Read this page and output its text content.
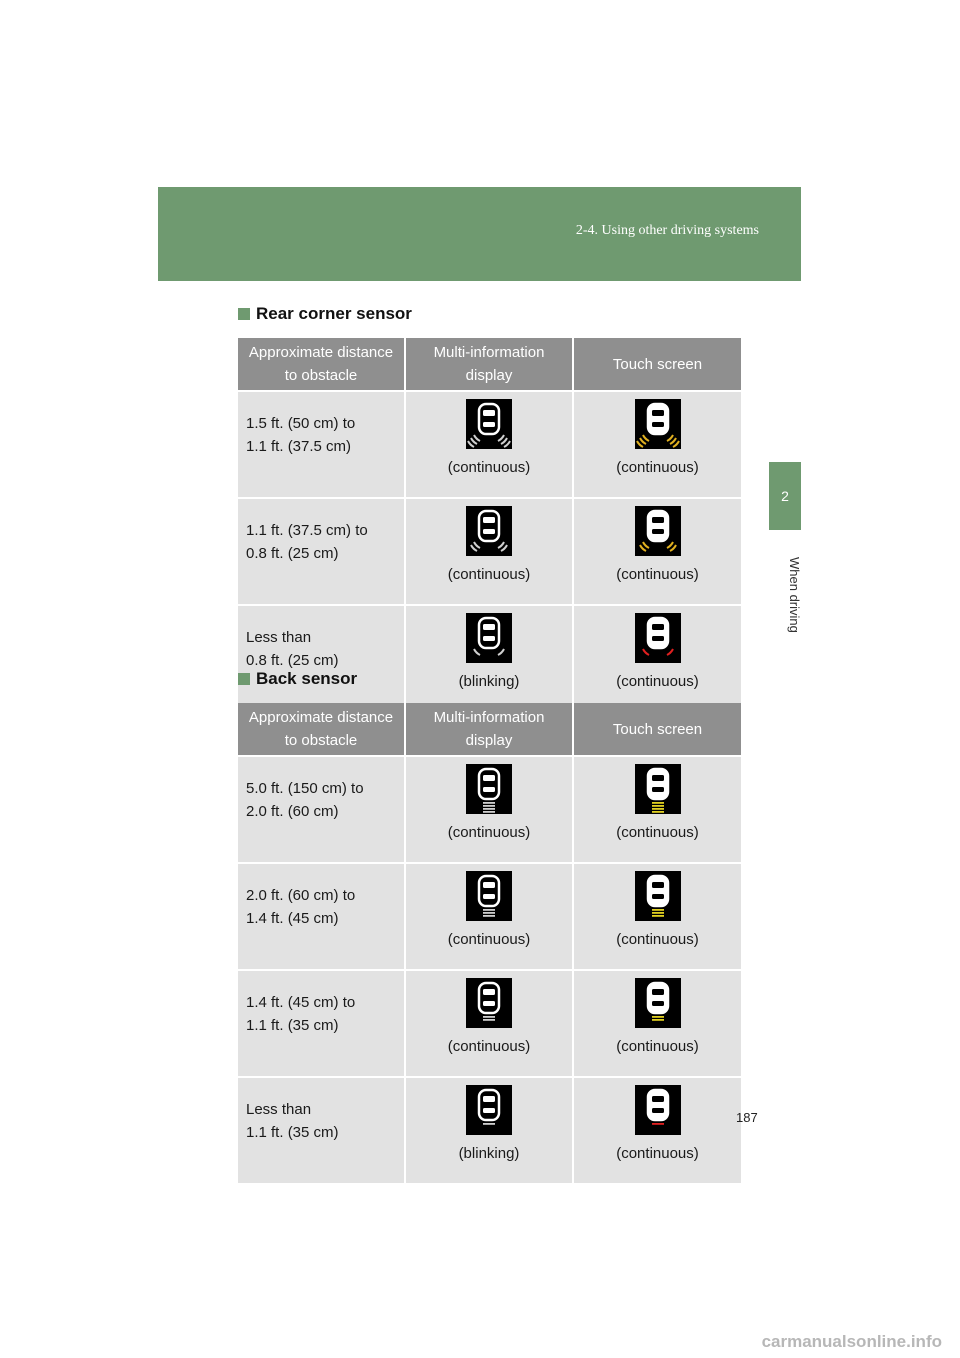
2-4. Using other driving systems
2
When driving
Rear corner sensor
Approximate distance to obstacle	Multi-information display	Touch screen

1.5 ft. (50 cm) to
1.1 ft. (37.5 cm)	(continuous)	(continuous)

1.1 ft. (37.5 cm) to
0.8 ft. (25 cm)	(continuous)	(continuous)

Less than
0.8 ft. (25 cm)	(blinking)	(continuous)
Back sensor
Approximate distance to obstacle	Multi-information display	Touch screen

5.0 ft. (150 cm) to
2.0 ft. (60 cm)	(continuous)	(continuous)

2.0 ft. (60 cm) to
1.4 ft. (45 cm)	(continuous)	(continuous)

1.4 ft. (45 cm) to
1.1 ft. (35 cm)	(continuous)	(continuous)

Less than
1.1 ft. (35 cm)	(blinking)	(continuous)
187
carmanualsonline.info
